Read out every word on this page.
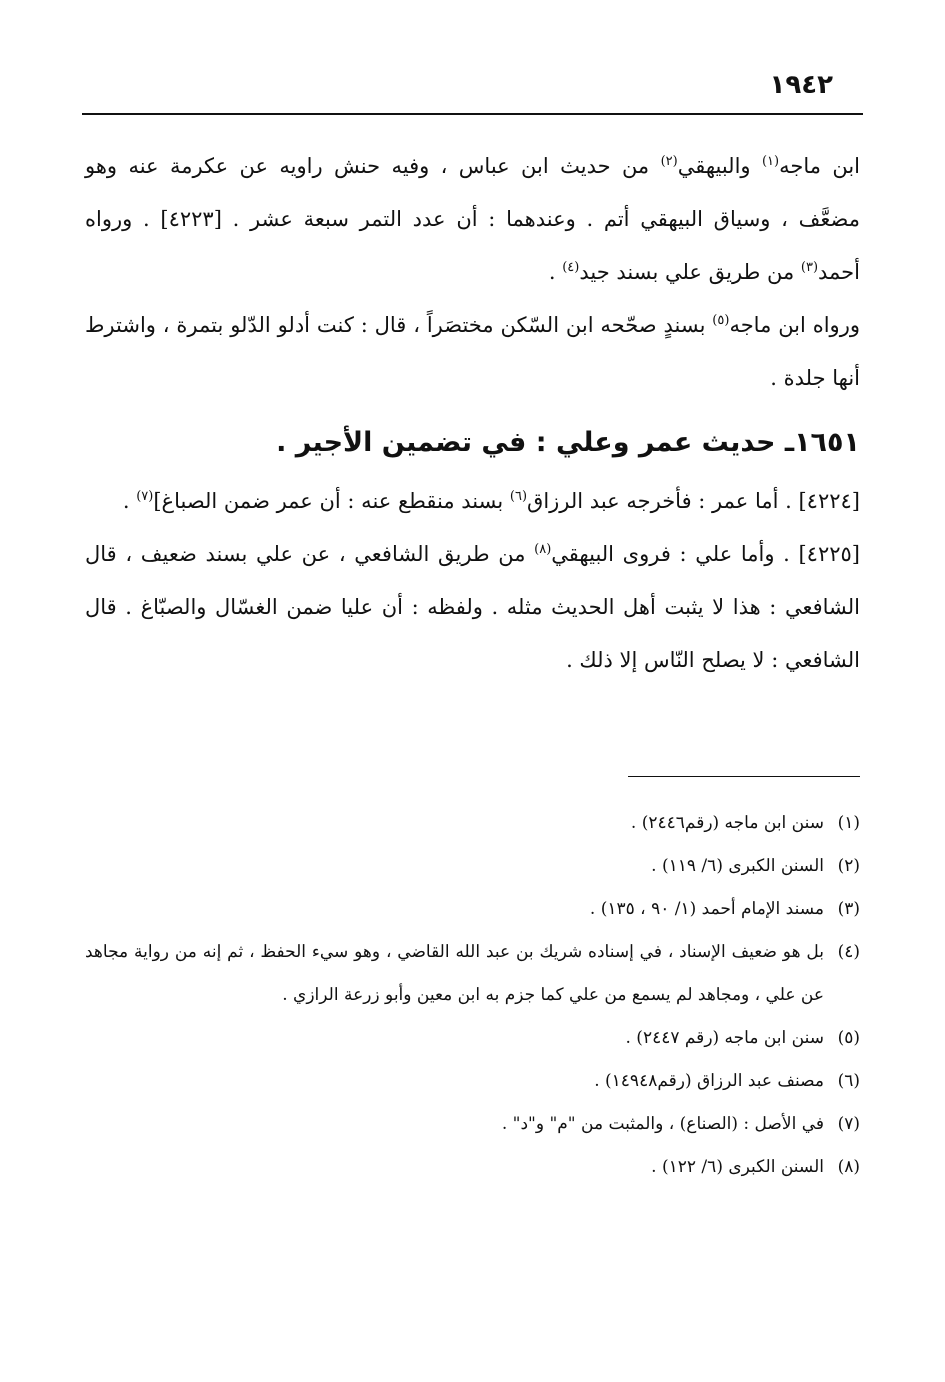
١٩٤٢

ابن ماجه$^{(١)}$ والبيهقي$^{(٢)}$ من حديث ابن عباس ، وفيه حنش راويه عن عكرمة عنه وهو مضعَّف ، وسياق البيهقي أتم . وعندهما : أن عدد التمر سبعة عشر . [٤٢٢٣] . ورواه أحمد$^{(٣)}$ من طريق علي بسند جيد$^{(٤)}$ .

ورواه ابن ماجه$^{(٥)}$ بسندٍ صحّحه ابن السّكن مختصَراً ، قال : كنت أدلو الدّلو بتمرة ، واشترط أنها جلدة .

١٦٥١ـ حديث عمر وعلي : في تضمين الأجير .

[٤٢٢٤] . أما عمر : فأخرجه عبد الرزاق$^{(٦)}$ بسند منقطع عنه : أن عمر ضمن الصباغ]$^{(٧)}$ .

[٤٢٢٥] . وأما علي : فروى البيهقي$^{(٨)}$ من طريق الشافعي ، عن علي بسند ضعيف ، قال الشافعي : هذا لا يثبت أهل الحديث مثله . ولفظه : أن عليا ضمن الغسّال والصبّاغ . قال الشافعي : لا يصلح النّاس إلا ذلك .

(١)
سنن ابن ماجه (رقم٢٤٤٦) .
(٢)
السنن الكبرى (٦/ ١١٩) .
(٣)
مسند الإمام أحمد (١/ ٩٠ ، ١٣٥) .
(٤)
بل هو ضعيف الإسناد ، في إسناده شريك بن عبد الله القاضي ، وهو سيء الحفظ ، ثم إنه من رواية مجاهد عن علي ، ومجاهد لم يسمع من علي كما جزم به ابن معين وأبو زرعة الرازي .
(٥)
سنن ابن ماجه (رقم ٢٤٤٧) .
(٦)
مصنف عبد الرزاق (رقم١٤٩٤٨) .
(٧)
في الأصل : (الصناع) ، والمثبت من "م" و"د" .
(٨)
السنن الكبرى (٦/ ١٢٢) .
